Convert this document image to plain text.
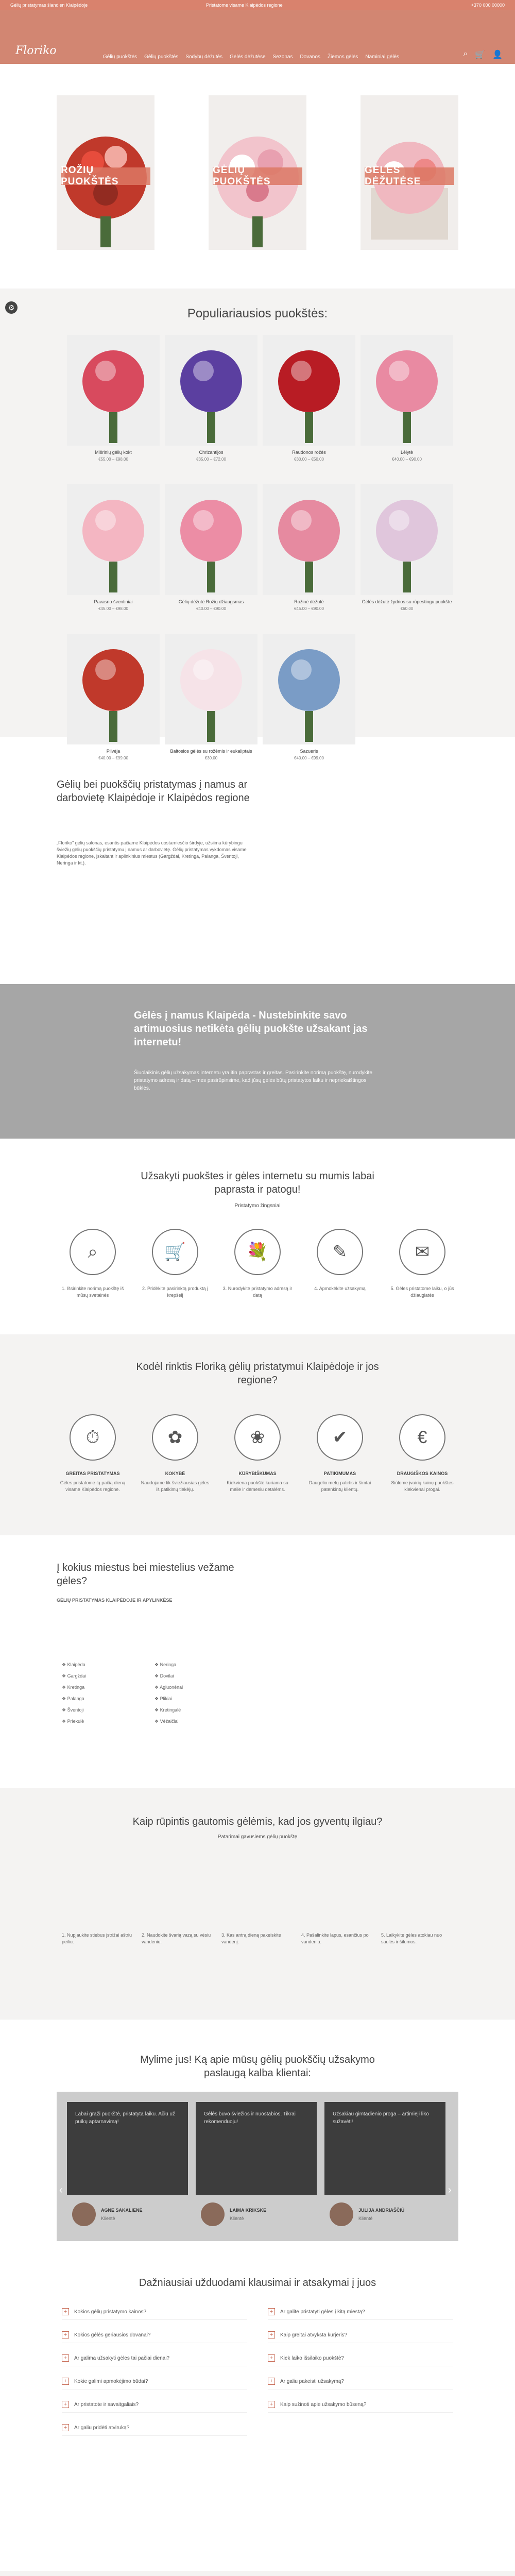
Gėlių pristatymas šiandien Klaipėdoje	Pristatome visame Klaipėdos regione	+370 000 00000
Floriko	Gėlių puokštės Gėlių puokštės Sodybų dėžutės Gėlės dėžutėse Sezonas Dovanos Žiemos gėlės Naminiai gėlės	⌕ 🛒 👤
ROŽIŲ PUOKŠTĖS
GĖLIŲ PUOKŠTĖS
GĖLĖS DĖŽUTĖSE
⚙	Populiariausios puokštės:
Mišrinių gėlių kokt
€55.00 – €98.00
Chrizantijos
€35.00 – €72.00
Raudonos rožės
€30.00 – €50.00
Lėlytė
€40.00 – €90.00
Pavasrio šventiniai
€45.00 – €98.00
Gėlių dėžutė Rožių džiaugsmas
€40.00 – €90.00
Rožinė dėžutė
€45.00 – €90.00
Gėlės dėžutė žydrios su rūpestingu puokšte
€60.00
Pilvėja
€40.00 – €99.00
Baltosios gėlės su rožėmis ir eukaliptais
€30.00
Sazueris
€40.00 – €99.00
Gėlių bei puokščių pristatymas į namus ar darbovietę Klaipėdoje ir Klaipėdos regione
„Floriko" gėlių salonas, esantis pačiame Klaipėdos uostamiesčio širdyje, užsiima kūrybingu šviežių gėlių puokščių pristatymu į namus ar darbovietę. Gėlių pristatymas vykdomas visame Klaipėdos regione, įskaitant ir aplinkinius miestus (Gargždai, Kretinga, Palanga, Šventoji, Neringa ir kt.).
Gėlės į namus Klaipėda - Nustebinkite savo artimuosius netikėta gėlių puokšte užsakant jas internetu!

Šiuolaikinis gėlių užsakymas internetu yra itin paprastas ir greitas. Pasirinkite norimą puokštę, nurodykite pristatymo adresą ir datą – mes pasirūpinsime, kad jūsų gėlės būtų pristatytos laiku ir nepriekaištingos būklės.

Užsakyti puokštes ir gėles internetu su mumis labai paprasta ir patogu!
Pristatymo žingsniai
⌕
1. Išsirinkite norimą puokštę iš mūsų svetainės
🛒
2. Pridėkite pasirinktą produktą į krepšelį
💐
3. Nurodykite pristatymo adresą ir datą
✎
4. Apmokėkite užsakymą
✉
5. Gėles pristatome laiku, o jūs džiaugiatės
Kodėl rinktis Floriką gėlių pristatymui Klaipėdoje ir jos regione?
⏱
GREITAS PRISTATYMAS
Gėles pristatome tą pačią dieną visame Klaipėdos regione.
✿
KOKYBĖ
Naudojame tik šviežiausias gėles iš patikimų tiekėjų.
❀
KŪRYBIŠKUMAS
Kiekviena puokštė kuriama su meile ir dėmesiu detalėms.
✔
PATIKIMUMAS
Daugelio metų patirtis ir šimtai patenkintų klientų.
€
DRAUGIŠKOS KAINOS
Siūlome įvairių kainų puokštes kiekvienai progai.
Į kokius miestus bei miestelius vežame gėles?
GĖLIŲ PRISTATYMAS KLAIPĖDOJE IR APYLINKĖSE
❖ Klaipėda
❖ Gargždai
❖ Kretinga
❖ Palanga
❖ Šventoji
❖ Priekulė
❖ Neringa
❖ Dovilai
❖ Agluonėnai
❖ Plikiai
❖ Kretingalė
❖ Vėžaičiai
Kaip rūpintis gautomis gėlėmis, kad jos gyventų ilgiau?
Patarimai gavusiems gėlių puokštę
1. Nupjaukite stiebus įstrižai aštriu peiliu.
2. Naudokite švarią vazą su vėsiu vandeniu.
3. Kas antrą dieną pakeiskite vandenį.
4. Pašalinkite lapus, esančius po vandeniu.
5. Laikykite gėles atokiau nuo saulės ir šilumos.
Mylime jus! Ką apie mūsų gėlių puokščių užsakymo paslaugą kalba klientai:
Labai graži puokštė, pristatyta laiku. Ačiū už puikų aptarnavimą!
AGNE SAKALIENĖ
Klientė
Gėlės buvo šviežios ir nuostabios. Tikrai rekomenduoju!
LAIMA KRIKSKE
Klientė
Užsakiau gimtadienio proga – artimieji liko sužavėti!
JULIJA ANDRIAŠČIŪ
Klientė
‹	›
Dažniausiai užduodami klausimai ir atsakymai į juos
+	Kokios gėlių pristatymo kainos?
+	Kokios gėlės geriausios dovanai?
+	Ar galima užsakyti gėles tai pačiai dienai?
+	Kokie galimi apmokėjimo būdai?
+	Ar pristatote ir savaitgaliais?
+	Ar galiu pridėti atviruką?
+	Ar galite pristatyti gėles į kitą miestą?
+	Kaip greitai atvyksta kurjeris?
+	Kiek laiko išsilaiko puokštė?
+	Ar galiu pakeisti užsakymą?
+	Kaip sužinoti apie užsakymo būseną?
